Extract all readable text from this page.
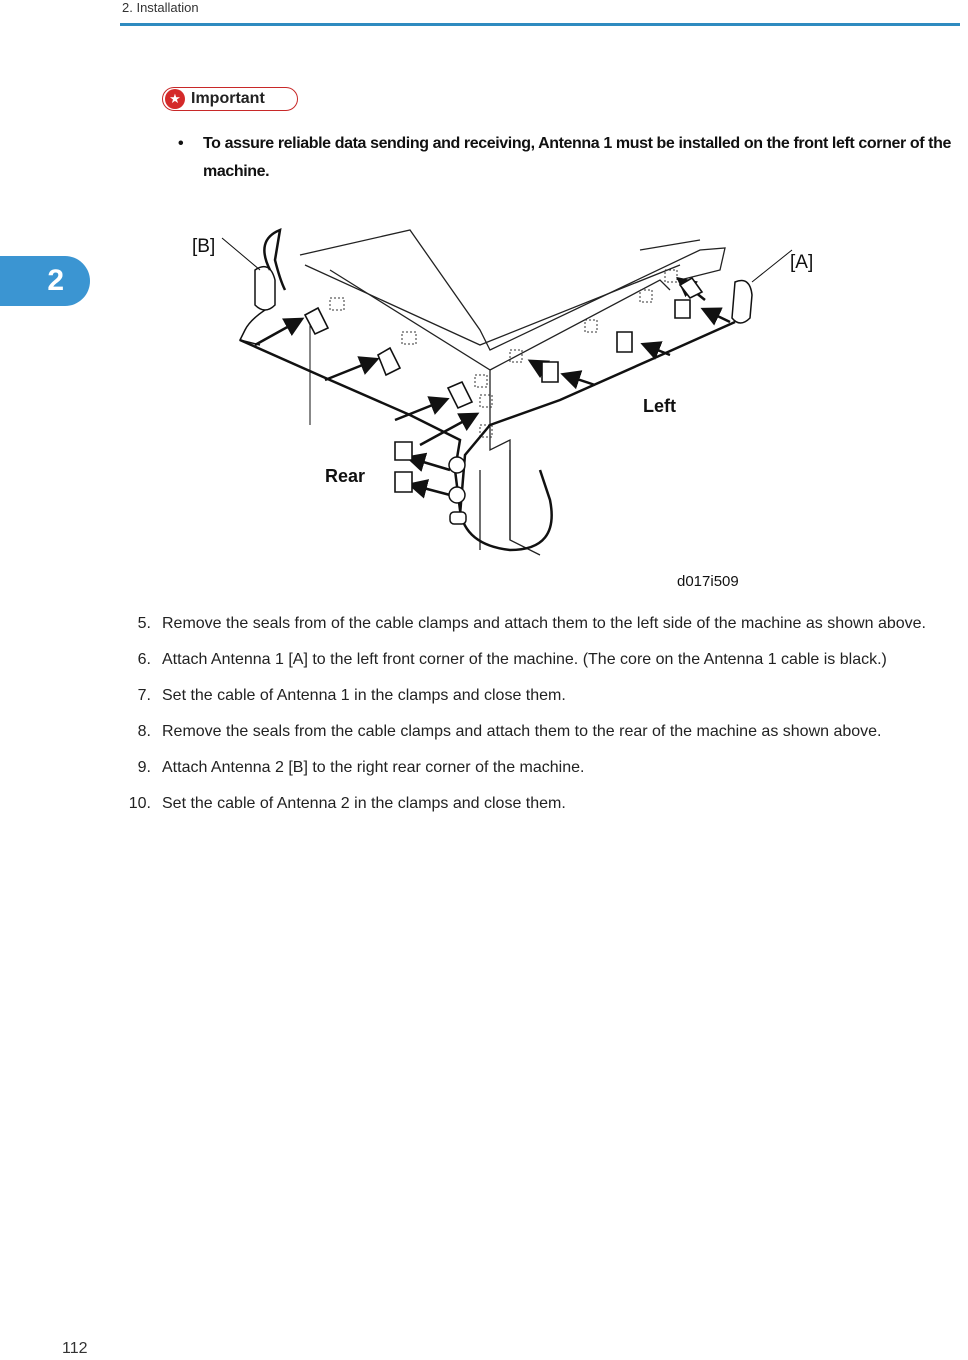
2. Installation
2
★ Important
• To assure reliable data sending and receiving, Antenna 1 must be installed on the front left corner of the machine.
[B]
[A]
Left
Rear
d017i509
5. Remove the seals from of the cable clamps and attach them to the left side of the machine as shown above.
6. Attach Antenna 1 [A] to the left front corner of the machine. (The core on the Antenna 1 cable is black.)
7. Set the cable of Antenna 1 in the clamps and close them.
8. Remove the seals from the cable clamps and attach them to the rear of the machine as shown above.
9. Attach Antenna 2 [B] to the right rear corner of the machine.
10. Set the cable of Antenna 2 in the clamps and close them.
112
